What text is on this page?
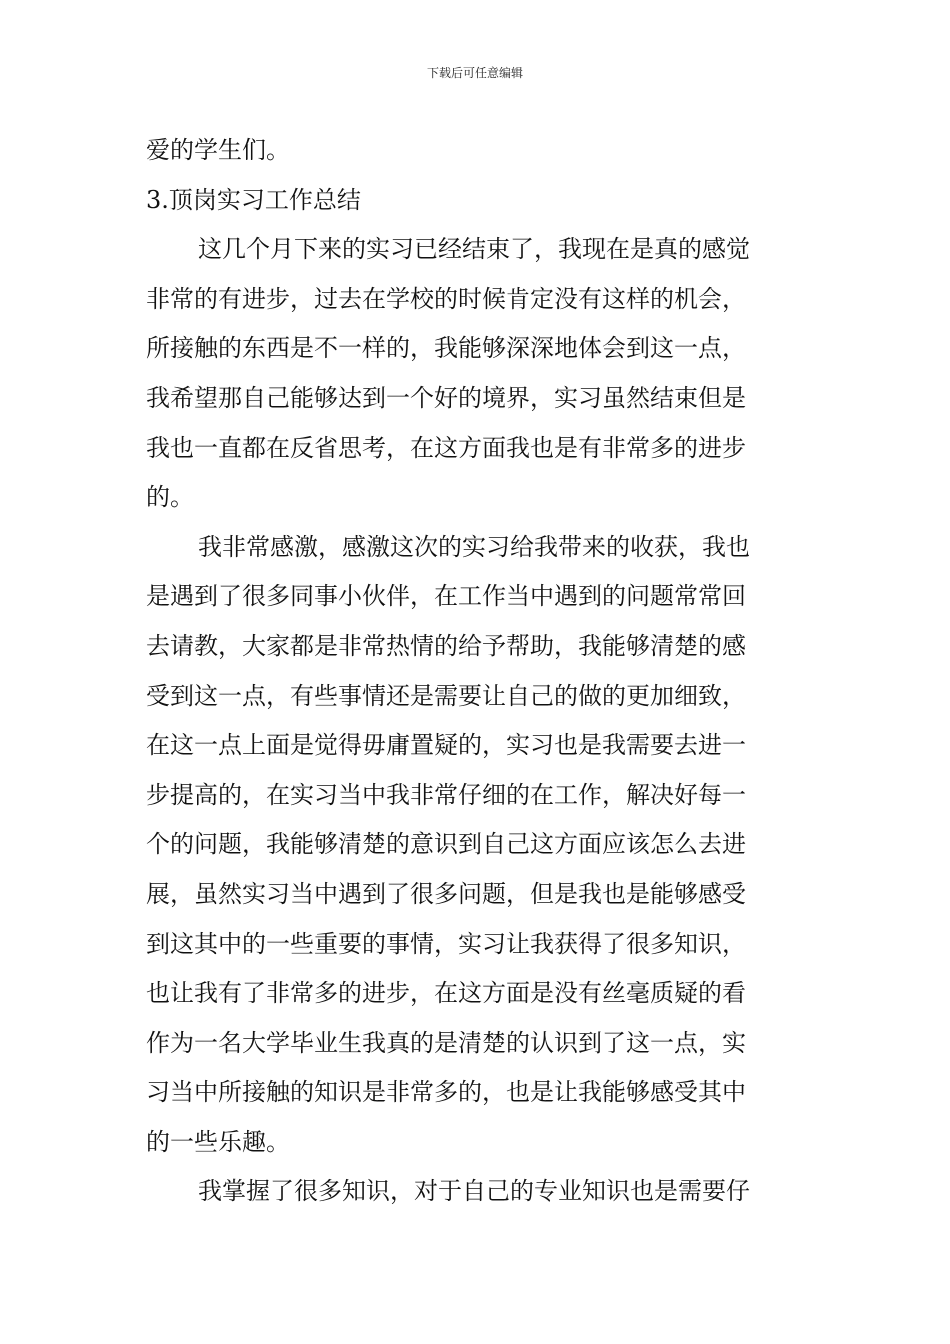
下载后可任意编辑
爱的学生们。
3.顶岗实习工作总结
这几个月下来的实习已经结束了，我现在是真的感觉
非常的有进步，过去在学校的时候肯定没有这样的机会，
所接触的东西是不一样的，我能够深深地体会到这一点，
我希望那自己能够达到一个好的境界，实习虽然结束但是
我也一直都在反省思考，在这方面我也是有非常多的进步
的。
我非常感激，感激这次的实习给我带来的收获，我也
是遇到了很多同事小伙伴，在工作当中遇到的问题常常回
去请教，大家都是非常热情的给予帮助，我能够清楚的感
受到这一点，有些事情还是需要让自己的做的更加细致，
在这一点上面是觉得毋庸置疑的，实习也是我需要去进一
步提高的，在实习当中我非常仔细的在工作，解决好每一
个的问题，我能够清楚的意识到自己这方面应该怎么去进
展，虽然实习当中遇到了很多问题，但是我也是能够感受
到这其中的一些重要的事情，实习让我获得了很多知识，
也让我有了非常多的进步，在这方面是没有丝毫质疑的看
作为一名大学毕业生我真的是清楚的认识到了这一点，实
习当中所接触的知识是非常多的，也是让我能够感受其中
的一些乐趣。
我掌握了很多知识，对于自己的专业知识也是需要仔
